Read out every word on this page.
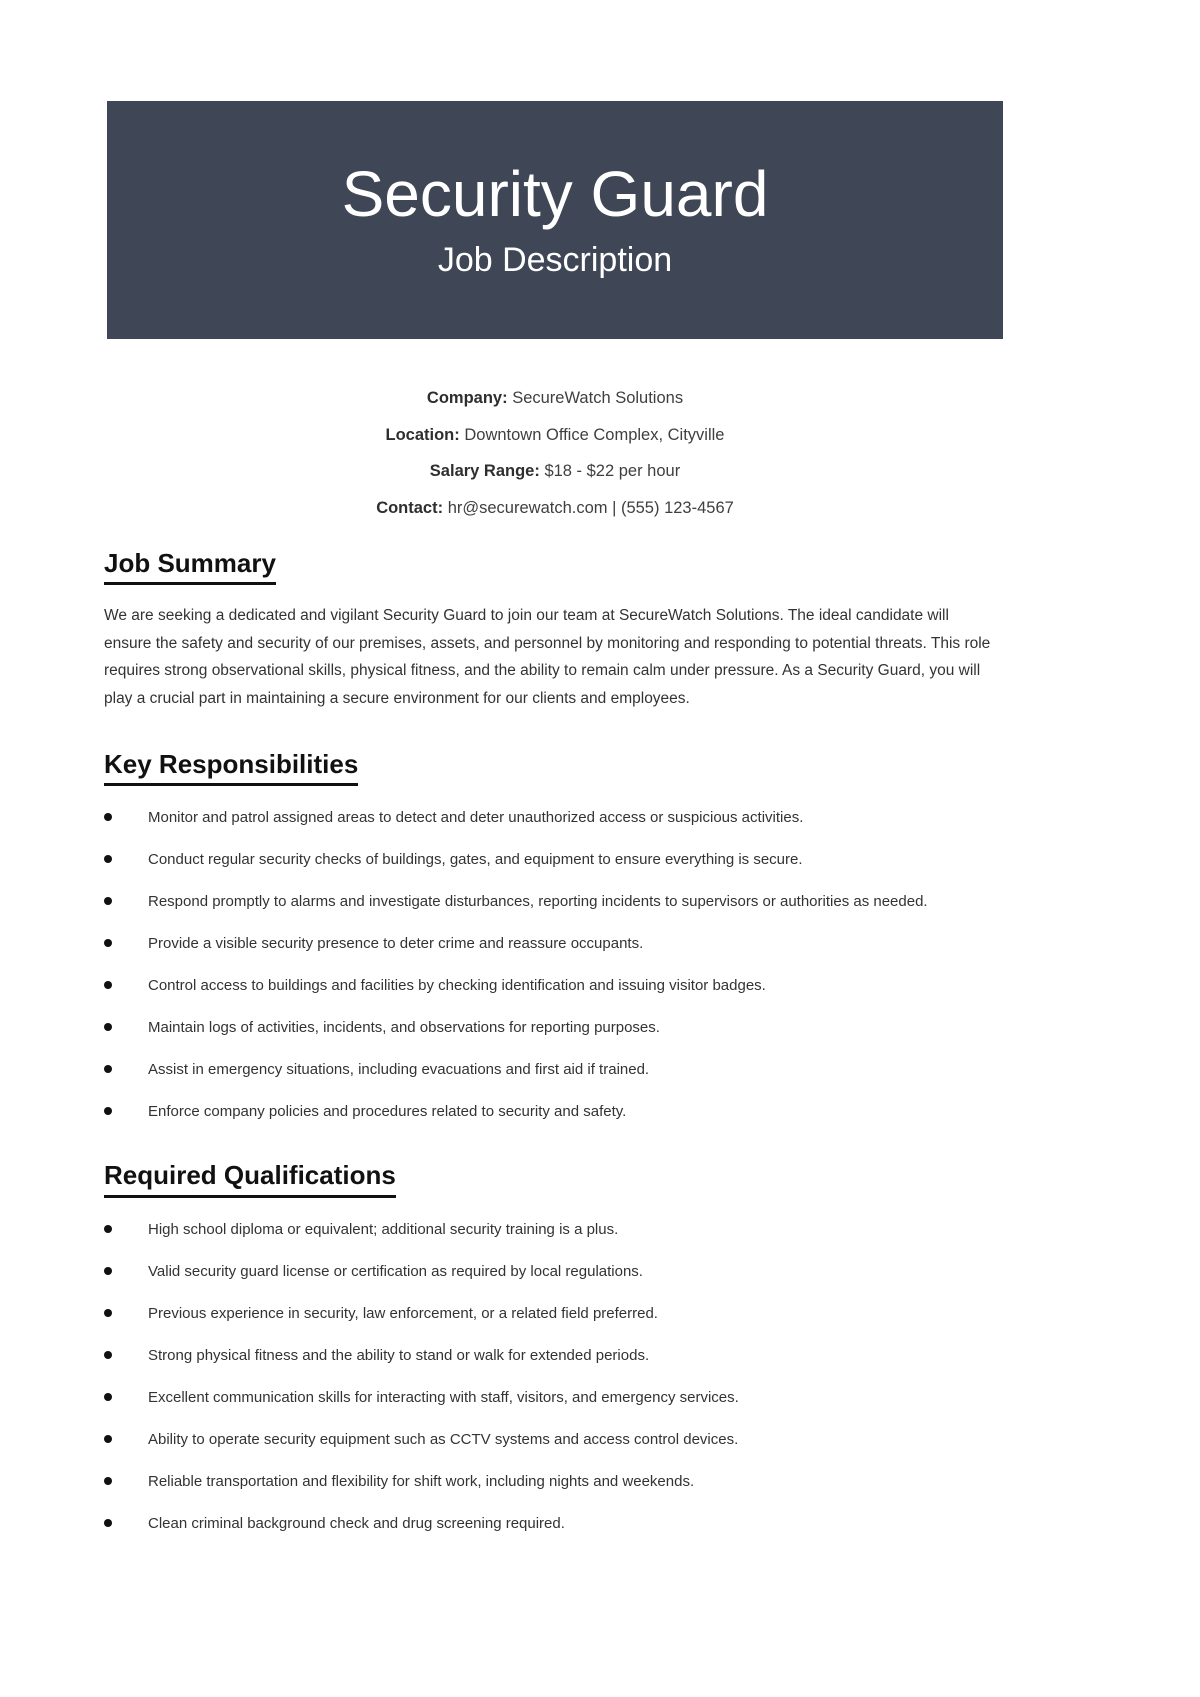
Security Guard
Job Description
Company: SecureWatch Solutions
Location: Downtown Office Complex, Cityville
Salary Range: $18 - $22 per hour
Contact: hr@securewatch.com | (555) 123-4567
Job Summary

We are seeking a dedicated and vigilant Security Guard to join our team at SecureWatch Solutions. The ideal candidate will ensure the safety and security of our premises, assets, and personnel by monitoring and responding to potential threats. This role requires strong observational skills, physical fitness, and the ability to remain calm under pressure. As a Security Guard, you will play a crucial part in maintaining a secure environment for our clients and employees.

Key Responsibilities
Monitor and patrol assigned areas to detect and deter unauthorized access or suspicious activities.
Conduct regular security checks of buildings, gates, and equipment to ensure everything is secure.
Respond promptly to alarms and investigate disturbances, reporting incidents to supervisors or authorities as needed.
Provide a visible security presence to deter crime and reassure occupants.
Control access to buildings and facilities by checking identification and issuing visitor badges.
Maintain logs of activities, incidents, and observations for reporting purposes.
Assist in emergency situations, including evacuations and first aid if trained.
Enforce company policies and procedures related to security and safety.
Required Qualifications
High school diploma or equivalent; additional security training is a plus.
Valid security guard license or certification as required by local regulations.
Previous experience in security, law enforcement, or a related field preferred.
Strong physical fitness and the ability to stand or walk for extended periods.
Excellent communication skills for interacting with staff, visitors, and emergency services.
Ability to operate security equipment such as CCTV systems and access control devices.
Reliable transportation and flexibility for shift work, including nights and weekends.
Clean criminal background check and drug screening required.
